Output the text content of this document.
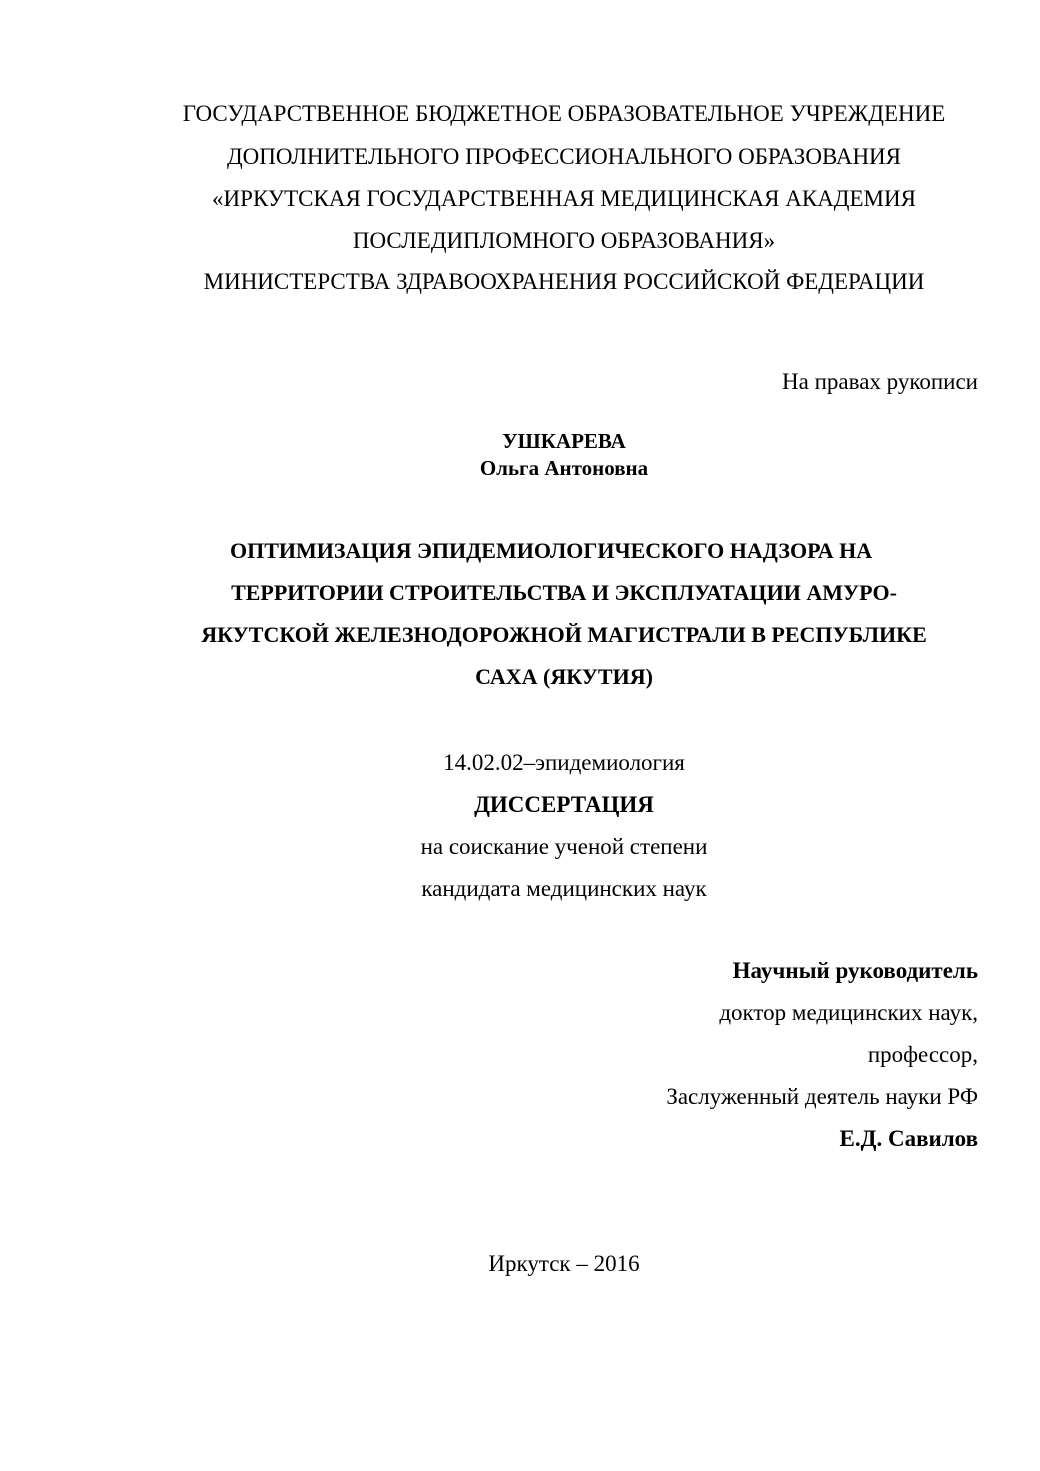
ГОСУДАРСТВЕННОЕ БЮДЖЕТНОЕ ОБРАЗОВАТЕЛЬНОЕ УЧРЕЖДЕНИЕ
ДОПОЛНИТЕЛЬНОГО ПРОФЕССИОНАЛЬНОГО ОБРАЗОВАНИЯ
«ИРКУТСКАЯ ГОСУДАРСТВЕННАЯ МЕДИЦИНСКАЯ АКАДЕМИЯ
ПОСЛЕДИПЛОМНОГО ОБРАЗОВАНИЯ»
МИНИСТЕРСТВА ЗДРАВООХРАНЕНИЯ РОССИЙСКОЙ ФЕДЕРАЦИИ
На правах рукописи
УШКАРЕВА
Ольга Антоновна
ОПТИМИЗАЦИЯ ЭПИДЕМИОЛОГИЧЕСКОГО НАДЗОРА НА
ТЕРРИТОРИИ СТРОИТЕЛЬСТВА И ЭКСПЛУАТАЦИИ АМУРО-
ЯКУТСКОЙ ЖЕЛЕЗНОДОРОЖНОЙ МАГИСТРАЛИ В РЕСПУБЛИКЕ
САХА (ЯКУТИЯ)
14.02.02–эпидемиология
ДИССЕРТАЦИЯ
на соискание ученой степени
кандидата медицинских наук
Научный руководитель
доктор медицинских наук,
профессор,
Заслуженный деятель науки РФ
Е.Д. Савилов
Иркутск – 2016
